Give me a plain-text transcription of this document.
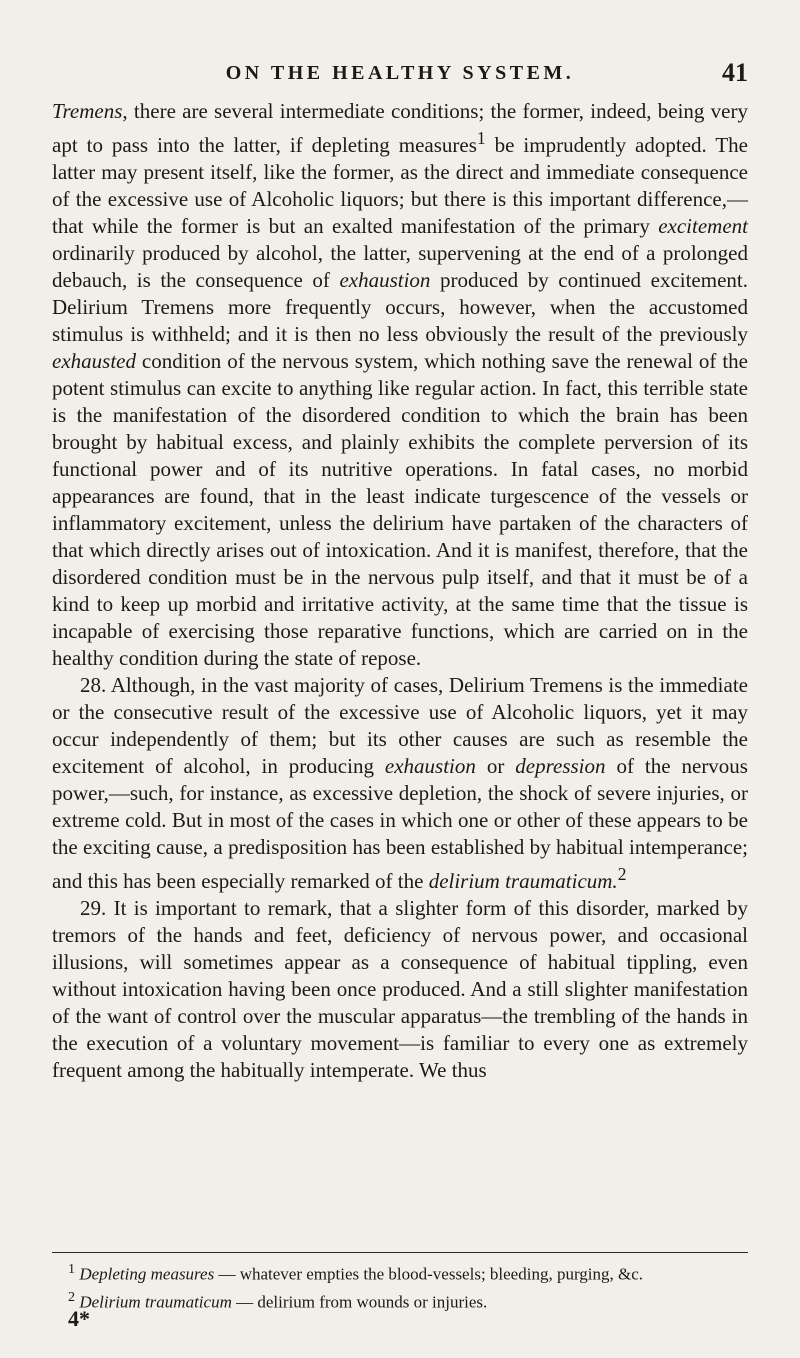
ON THE HEALTHY SYSTEM.	41

Tremens, there are several intermediate conditions; the former, indeed, being very apt to pass into the latter, if depleting measures$^1$ be imprudently adopted. The latter may present itself, like the former, as the direct and immediate consequence of the excessive use of Alcoholic liquors; but there is this important difference,— that while the former is but an exalted manifestation of the primary excitement ordinarily produced by alcohol, the latter, supervening at the end of a prolonged debauch, is the consequence of exhaustion produced by continued excitement. Delirium Tremens more frequently occurs, however, when the accustomed stimulus is withheld; and it is then no less obviously the result of the previously exhausted condition of the nervous system, which nothing save the renewal of the potent stimulus can excite to anything like regular action. In fact, this terrible state is the manifestation of the disordered condition to which the brain has been brought by habitual excess, and plainly exhibits the complete perversion of its functional power and of its nutritive operations. In fatal cases, no morbid appearances are found, that in the least indicate turgescence of the vessels or inflammatory excitement, unless the delirium have partaken of the characters of that which directly arises out of intoxication. And it is manifest, therefore, that the disordered condition must be in the nervous pulp itself, and that it must be of a kind to keep up morbid and irritative activity, at the same time that the tissue is incapable of exercising those reparative functions, which are carried on in the healthy condition during the state of repose.

28. Although, in the vast majority of cases, Delirium Tremens is the immediate or the consecutive result of the excessive use of Alcoholic liquors, yet it may occur independently of them; but its other causes are such as resemble the excitement of alcohol, in producing exhaustion or depression of the nervous power,—such, for instance, as excessive depletion, the shock of severe injuries, or extreme cold. But in most of the cases in which one or other of these appears to be the exciting cause, a predisposition has been established by habitual intemperance; and this has been especially remarked of the delirium traumaticum.$^2$

29. It is important to remark, that a slighter form of this disorder, marked by tremors of the hands and feet, deficiency of nervous power, and occasional illusions, will sometimes appear as a consequence of habitual tippling, even without intoxication having been once produced. And a still slighter manifestation of the want of control over the muscular apparatus—the trembling of the hands in the execution of a voluntary movement—is familiar to every one as extremely frequent among the habitually intemperate. We thus

$^1$ Depleting measures — whatever empties the blood-vessels; bleeding, purging, &c.

$^2$ Delirium traumaticum — delirium from wounds or injuries.

4*
